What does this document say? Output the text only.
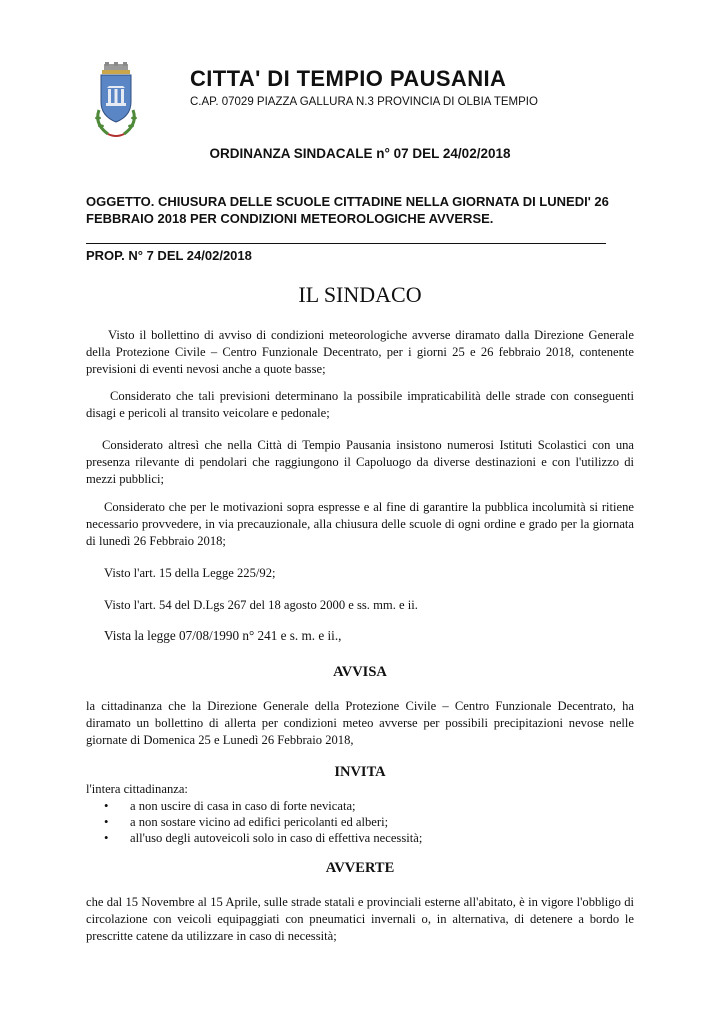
CITTA' DI TEMPIO PAUSANIA
C.AP. 07029 PIAZZA GALLURA N.3 PROVINCIA DI OLBIA TEMPIO
ORDINANZA SINDACALE n° 07 DEL 24/02/2018
OGGETTO. CHIUSURA DELLE SCUOLE CITTADINE NELLA GIORNATA DI LUNEDI' 26 FEBBRAIO 2018 PER CONDIZIONI METEOROLOGICHE AVVERSE.
PROP. N° 7 DEL 24/02/2018
IL SINDACO
Visto il bollettino di avviso di condizioni meteorologiche avverse diramato dalla Direzione Generale della Protezione Civile – Centro Funzionale Decentrato, per i giorni 25 e 26 febbraio 2018, contenente previsioni di eventi nevosi anche a quote basse;
Considerato che tali previsioni determinano la possibile impraticabilità delle strade con conseguenti disagi e pericoli al transito veicolare e pedonale;
Considerato altresì che nella Città di Tempio Pausania insistono numerosi Istituti Scolastici con una presenza rilevante di pendolari che raggiungono il Capoluogo da diverse destinazioni e con l'utilizzo di mezzi pubblici;
Considerato che per le motivazioni sopra espresse e al fine di garantire la pubblica incolumità si ritiene necessario provvedere, in via precauzionale, alla chiusura delle scuole di ogni ordine e grado per la giornata di lunedì 26 Febbraio 2018;
Visto l'art. 15 della Legge 225/92;
Visto l'art. 54 del D.Lgs 267 del 18 agosto 2000 e ss. mm. e ii.
Vista la legge 07/08/1990 n° 241 e s. m. e ii.,
AVVISA
la cittadinanza che la Direzione Generale della Protezione Civile – Centro Funzionale Decentrato, ha diramato un bollettino di allerta per condizioni meteo avverse per possibili precipitazioni nevose nelle giornate di Domenica 25 e Lunedì 26 Febbraio 2018,
INVITA
l'intera cittadinanza:
• a non uscire di casa in caso di forte nevicata;
• a non sostare vicino ad edifici pericolanti ed alberi;
• all'uso degli autoveicoli solo in caso di effettiva necessità;
AVVERTE
che dal 15 Novembre al 15 Aprile, sulle strade statali e provinciali esterne all'abitato, è in vigore l'obbligo di circolazione con veicoli equipaggiati con pneumatici invernali o, in alternativa, di detenere a bordo le prescritte catene da utilizzare in caso di necessità;
